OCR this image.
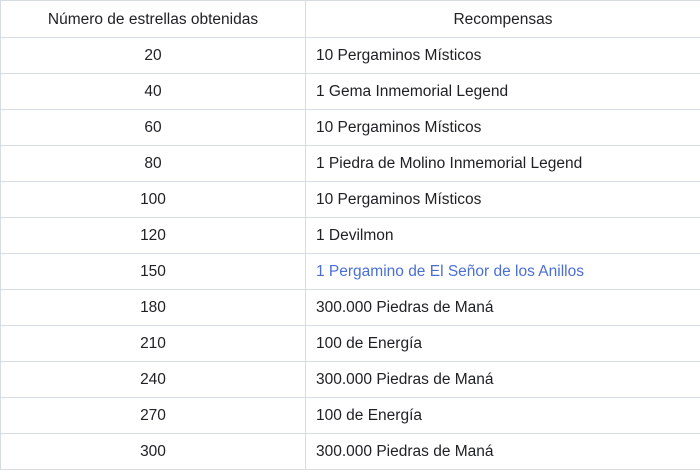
Número de estrellas obtenidas	Recompensas
20	10 Pergaminos Místicos
40	1 Gema Inmemorial Legend
60	10 Pergaminos Místicos
80	1 Piedra de Molino Inmemorial Legend
100	10 Pergaminos Místicos
120	1 Devilmon
150	1 Pergamino de El Señor de los Anillos
180	300.000 Piedras de Maná
210	100 de Energía
240	300.000 Piedras de Maná
270	100 de Energía
300	300.000 Piedras de Maná
